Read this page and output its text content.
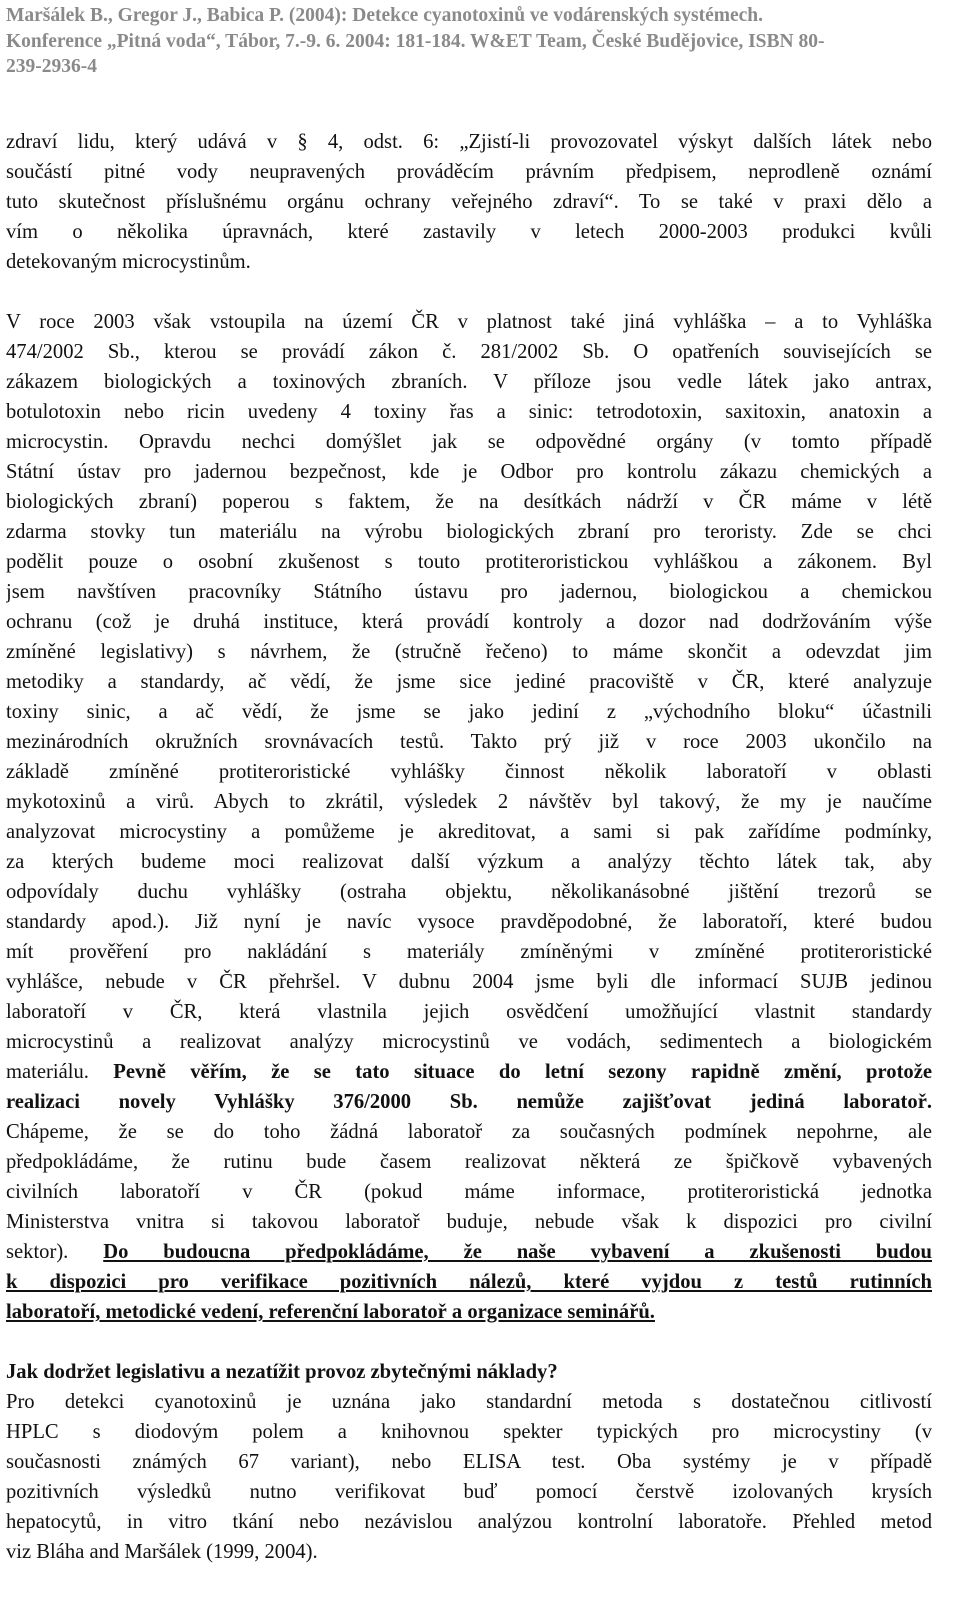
Maršálek B., Gregor J., Babica P. (2004): Detekce cyanotoxinů ve vodárenských systémech.
Konference „Pitná voda“, Tábor, 7.-9. 6. 2004: 181-184. W&ET Team, České Budějovice, ISBN 80-
239-2936-4
zdraví lidu, který udává v § 4, odst. 6: „Zjistí-li provozovatel výskyt dalších látek nebo
součástí pitné vody neupravených prováděcím právním předpisem, neprodleně oznámí
tuto skutečnost příslušnému orgánu ochrany veřejného zdraví“. To se také v praxi dělo a
vím o několika úpravnách, které zastavily v letech 2000-2003 produkci kvůli
detekovaným microcystinům.
V roce 2003 však vstoupila na území ČR v platnost také jiná vyhláška – a to Vyhláška
474/2002 Sb., kterou se provádí zákon č. 281/2002 Sb. O opatřeních souvisejících se
zákazem biologických a toxinových zbraních. V příloze jsou vedle látek jako antrax,
botulotoxin nebo ricin uvedeny 4 toxiny řas a sinic: tetrodotoxin, saxitoxin, anatoxin a
microcystin. Opravdu nechci domýšlet jak se odpovědné orgány (v tomto případě
Státní ústav pro jadernou bezpečnost, kde je Odbor pro kontrolu zákazu chemických a
biologických zbraní) poperou s faktem, že na desítkách nádrží v ČR máme v létě
zdarma stovky tun materiálu na výrobu biologických zbraní pro teroristy. Zde se chci
podělit pouze o osobní zkušenost s touto protiteroristickou vyhláškou a zákonem. Byl
jsem navštíven pracovníky Státního ústavu pro jadernou, biologickou a chemickou
ochranu (což je druhá instituce, která provádí kontroly a dozor nad dodržováním výše
zmíněné legislativy) s návrhem, že (stručně řečeno) to máme skončit a odevzdat jim
metodiky a standardy, ač vědí, že jsme sice jediné pracoviště v ČR, které analyzuje
toxiny sinic, a ač vědí, že jsme se jako jediní z „východního bloku“ účastnili
mezinárodních okružních srovnávacích testů. Takto prý již v roce 2003 ukončilo na
základě zmíněné protiteroristické vyhlášky činnost několik laboratoří v oblasti
mykotoxinů a virů. Abych to zkrátil, výsledek 2 návštěv byl takový, že my je naučíme
analyzovat microcystiny a pomůžeme je akreditovat, a sami si pak zařídíme podmínky,
za kterých budeme moci realizovat další výzkum a analýzy těchto látek tak, aby
odpovídaly duchu vyhlášky (ostraha objektu, několikanásobné jištění trezorů se
standardy apod.). Již nyní je navíc vysoce pravděpodobné, že laboratoří, které budou
mít prověření pro nakládání s materiály zmíněnými v zmíněné protiteroristické
vyhlášce, nebude v ČR přehršel. V dubnu 2004 jsme byli dle informací SUJB jedinou
laboratoří v ČR, která vlastnila jejich osvědčení umožňující vlastnit standardy
microcystinů a realizovat analýzy microcystinů ve vodách, sedimentech a biologickém
materiálu. Pevně věřím, že se tato situace do letní sezony rapidně změní, protože
realizaci novely Vyhlášky 376/2000 Sb. nemůže zajišťovat jediná laboratoř.
Chápeme, že se do toho žádná laboratoř za současných podmínek nepohrne, ale
předpokládáme, že rutinu bude časem realizovat některá ze špičkově vybavených
civilních laboratoří v ČR (pokud máme informace, protiteroristická jednotka
Ministerstva vnitra si takovou laboratoř buduje, nebude však k dispozici pro civilní
sektor). Do budoucna předpokládáme, že naše vybavení a zkušenosti budou
k dispozici pro verifikace pozitivních nálezů, které vyjdou z testů rutinních
laboratoří, metodické vedení, referenční laboratoř a organizace seminářů.
Jak dodržet legislativu a nezatížit provoz zbytečnými náklady?
Pro detekci cyanotoxinů je uznána jako standardní metoda s dostatečnou citlivostí
HPLC s diodovým polem a knihovnou spekter typických pro microcystiny (v
současnosti známých 67 variant), nebo ELISA test. Oba systémy je v případě
pozitivních výsledků nutno verifikovat buď pomocí čerstvě izolovaných krysích
hepatocytů, in vitro tkání nebo nezávislou analýzou kontrolní laboratoře. Přehled metod
viz Bláha and Maršálek (1999, 2004).
